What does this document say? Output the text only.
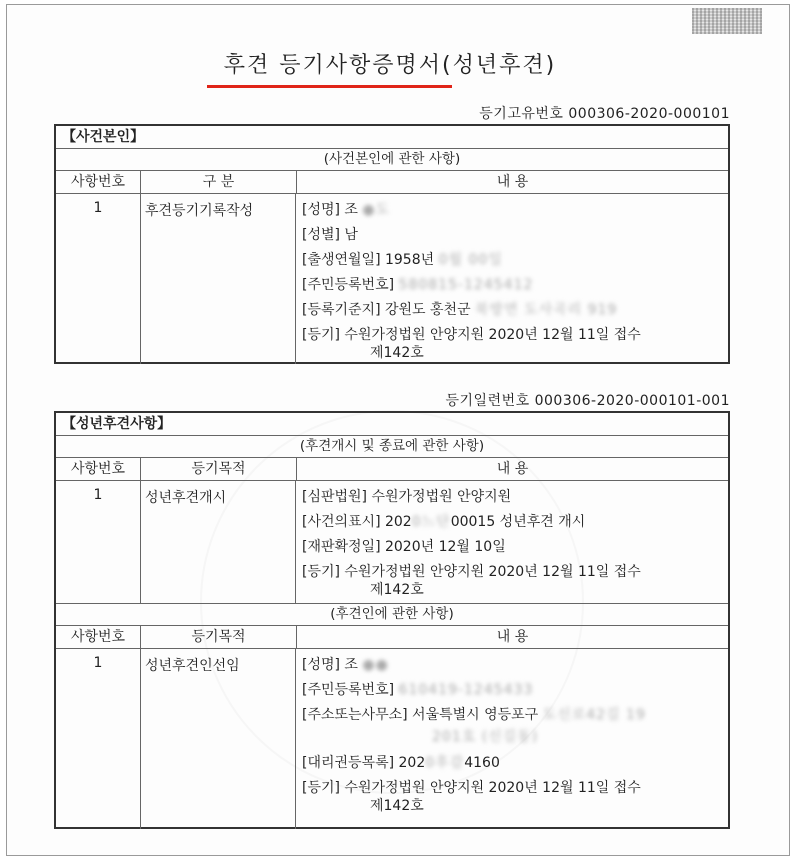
후견 등기사항증명서(성년후견)
등기고유번호 000306-2020-000101
【사건본인】
(사건본인에 관한 사항)
사항번호	구 분	내 용
1	후견등기기록작성	[성명] 조 ●도
[성별] 남
[출생연월일] 1958년 0월 00일
[주민등록번호] 580815-1245412
[등록기준지] 강원도 홍천군 북방면 도사곡리 919
[등기] 수원가정법원 안양지원 2020년 12월 11일 접수
제142호
등기일련번호 000306-2020-000101-001
【성년후견사항】
(후견개시 및 종료에 관한 사항)
사항번호	등기목적	내 용
1	성년후견개시	[심판법원] 수원가정법원 안양지원
[사건의표시] 2020느단00015 성년후견 개시
[재판확정일] 2020년 12월 10일
[등기] 수원가정법원 안양지원 2020년 12월 11일 접수
제142호
(후견인에 관한 사항)
사항번호	등기목적	내 용
1	성년후견인선임	[성명] 조 ●●
[주민등록번호] 610419-1245433
[주소또는사무소] 서울특별시 영등포구 도신로42길 19
201호 (신길동)
[대리권등목록] 2020후감4160
[등기] 수원가정법원 안양지원 2020년 12월 11일 접수
제142호
